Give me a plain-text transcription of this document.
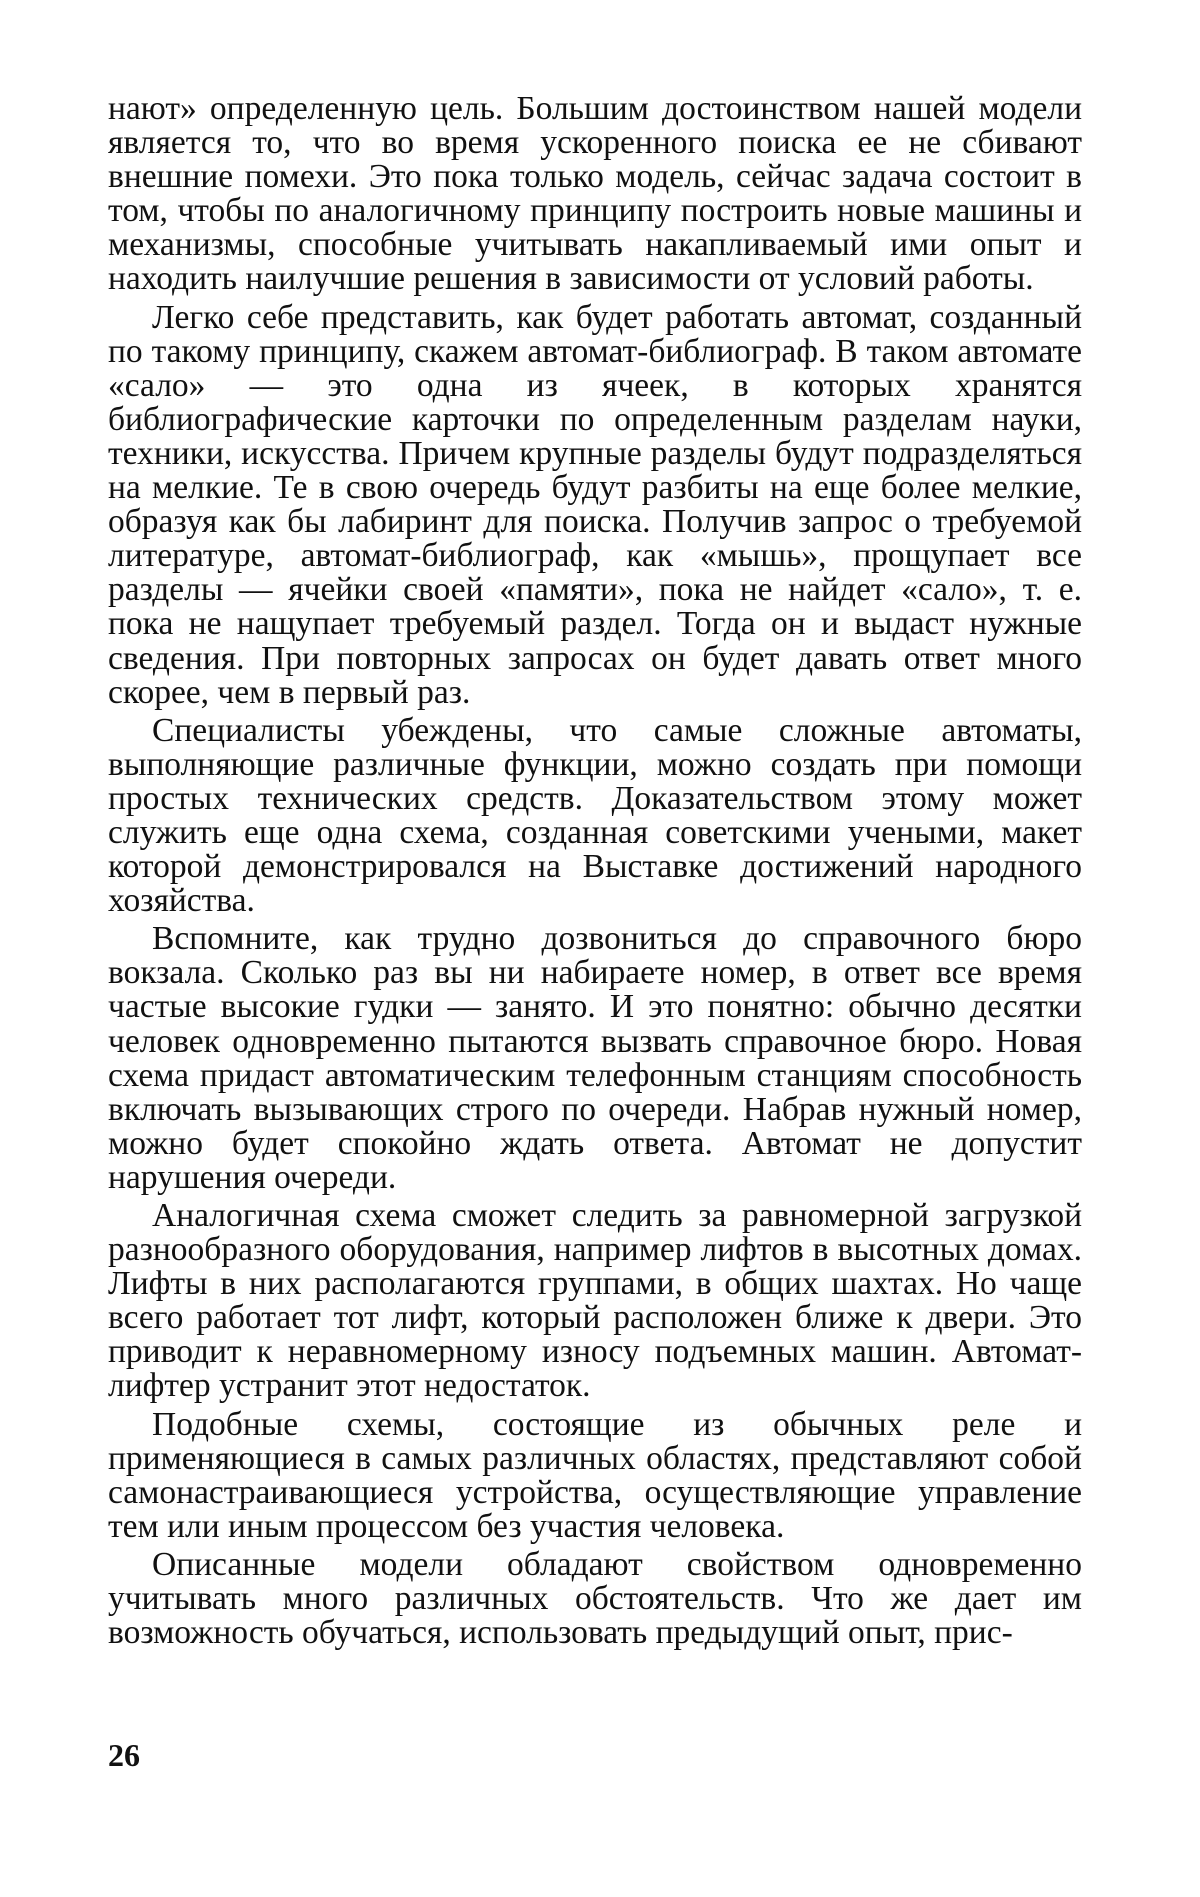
нают» определенную цель. Большим достоинством нашей модели является то, что во время ускоренного поиска ее не сбивают внешние помехи. Это пока только модель, сейчас задача состоит в том, чтобы по аналогичному принципу построить новые машины и механизмы, способные учитывать накапливаемый ими опыт и находить наилучшие решения в зависимости от условий работы.

Легко себе представить, как будет работать автомат, созданный по такому принципу, скажем автомат-библиограф. В таком автомате «сало» — это одна из ячеек, в которых хранятся библиографические карточки по определенным разделам науки, техники, искусства. Причем крупные разделы будут подразделяться на мелкие. Те в свою очередь будут разбиты на еще более мелкие, образуя как бы лабиринт для поиска. Получив запрос о требуемой литературе, автомат-библиограф, как «мышь», прощупает все разделы — ячейки своей «памяти», пока не найдет «сало», т. е. пока не нащупает требуемый раздел. Тогда он и выдаст нужные сведения. При повторных запросах он будет давать ответ много скорее, чем в первый раз.

Специалисты убеждены, что самые сложные автоматы, выполняющие различные функции, можно создать при помощи простых технических средств. Доказательством этому может служить еще одна схема, созданная советскими учеными, макет которой демонстрировался на Выставке достижений народного хозяйства.

Вспомните, как трудно дозвониться до справочного бюро вокзала. Сколько раз вы ни набираете номер, в ответ все время частые высокие гудки — занято. И это понятно: обычно десятки человек одновременно пытаются вызвать справочное бюро. Новая схема придаст автоматическим телефонным станциям способность включать вызывающих строго по очереди. Набрав нужный номер, можно будет спокойно ждать ответа. Автомат не допустит нарушения очереди.

Аналогичная схема сможет следить за равномерной загрузкой разнообразного оборудования, например лифтов в высотных домах. Лифты в них располагаются группами, в общих шахтах. Но чаще всего работает тот лифт, который расположен ближе к двери. Это приводит к неравномерному износу подъемных машин. Автомат-лифтер устранит этот недостаток.

Подобные схемы, состоящие из обычных реле и применяющиеся в самых различных областях, представляют собой самонастраивающиеся устройства, осуществляющие управление тем или иным процессом без участия человека.

Описанные модели обладают свойством одновременно учитывать много различных обстоятельств. Что же дает им возможность обучаться, использовать предыдущий опыт, прис-

26
